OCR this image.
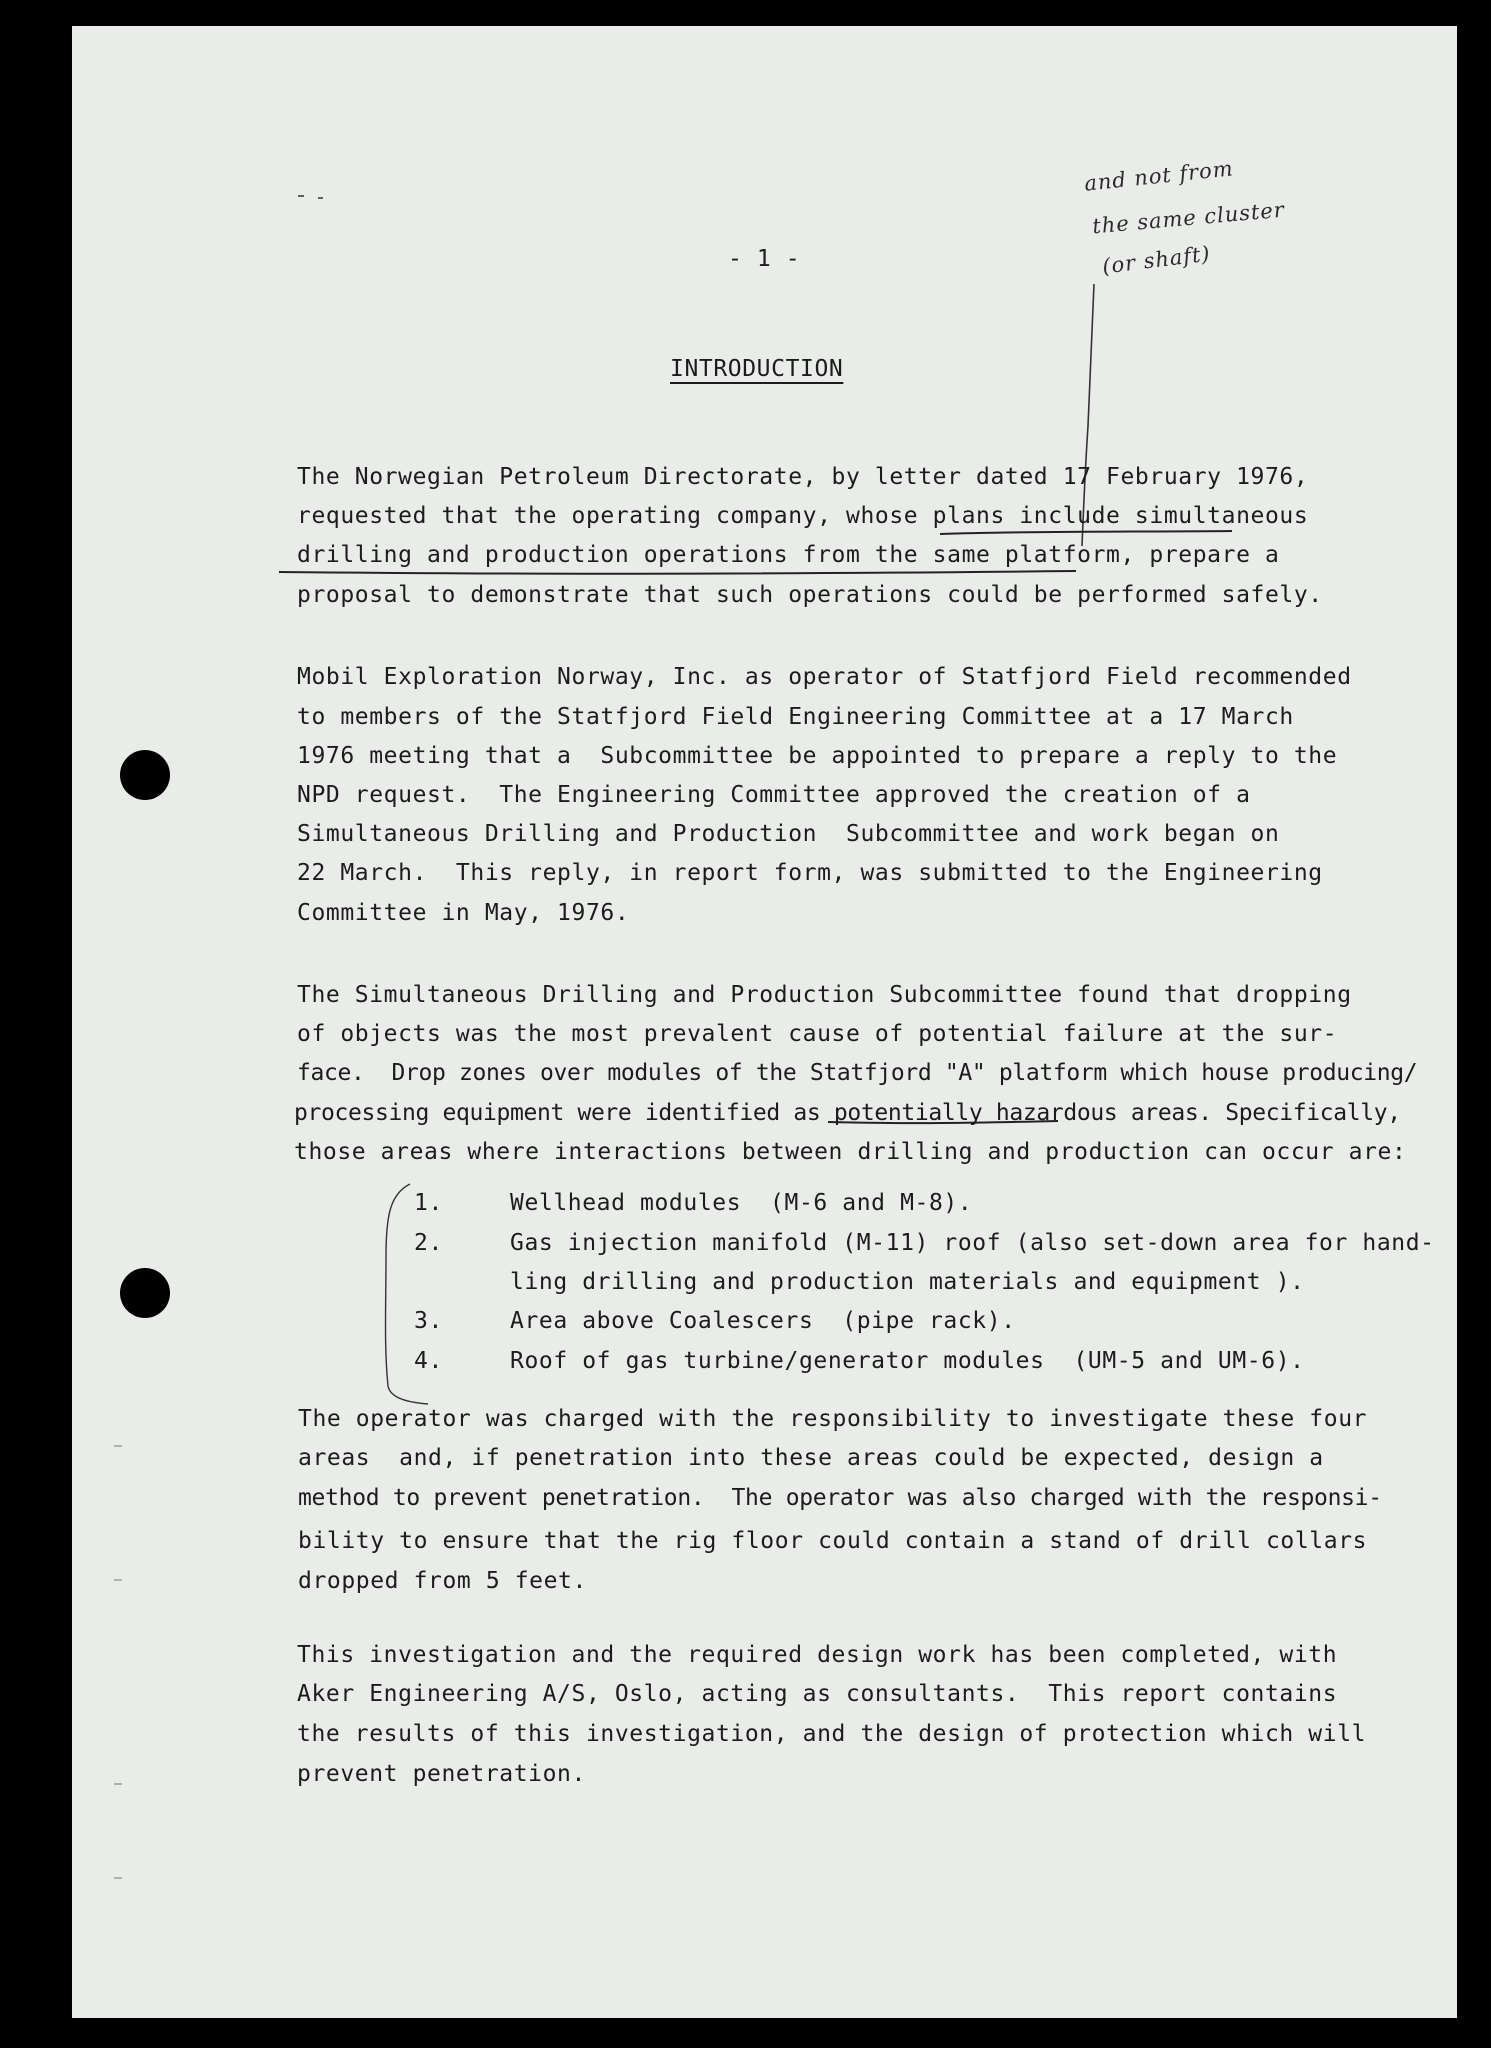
- 1 -
INTRODUCTION
and not from
the same cluster
(or shaft)
The Norwegian Petroleum Directorate, by letter dated 17 February 1976,
requested that the operating company, whose plans include simultaneous
drilling and production operations from the same platform, prepare a
proposal to demonstrate that such operations could be performed safely.
Mobil Exploration Norway, Inc. as operator of Statfjord Field recommended
to members of the Statfjord Field Engineering Committee at a 17 March
1976 meeting that a  Subcommittee be appointed to prepare a reply to the
NPD request.  The Engineering Committee approved the creation of a
Simultaneous Drilling and Production  Subcommittee and work began on
22 March.  This reply, in report form, was submitted to the Engineering
Committee in May, 1976.
The Simultaneous Drilling and Production Subcommittee found that dropping
of objects was the most prevalent cause of potential failure at the sur-
face.  Drop zones over modules of the Statfjord "A" platform which house producing/
processing equipment were identified as potentially hazardous areas. Specifically,
those areas where interactions between drilling and production can occur are:
1.	Wellhead modules  (M-6 and M-8).
2.	Gas injection manifold (M-11) roof (also set-down area for hand-
ling drilling and production materials and equipment ).
3.	Area above Coalescers  (pipe rack).
4.	Roof of gas turbine/generator modules  (UM-5 and UM-6).
The operator was charged with the responsibility to investigate these four
areas  and, if penetration into these areas could be expected, design a
method to prevent penetration.  The operator was also charged with the responsi-
bility to ensure that the rig floor could contain a stand of drill collars
dropped from 5 feet.
This investigation and the required design work has been completed, with
Aker Engineering A/S, Oslo, acting as consultants.  This report contains
the results of this investigation, and the design of protection which will
prevent penetration.
